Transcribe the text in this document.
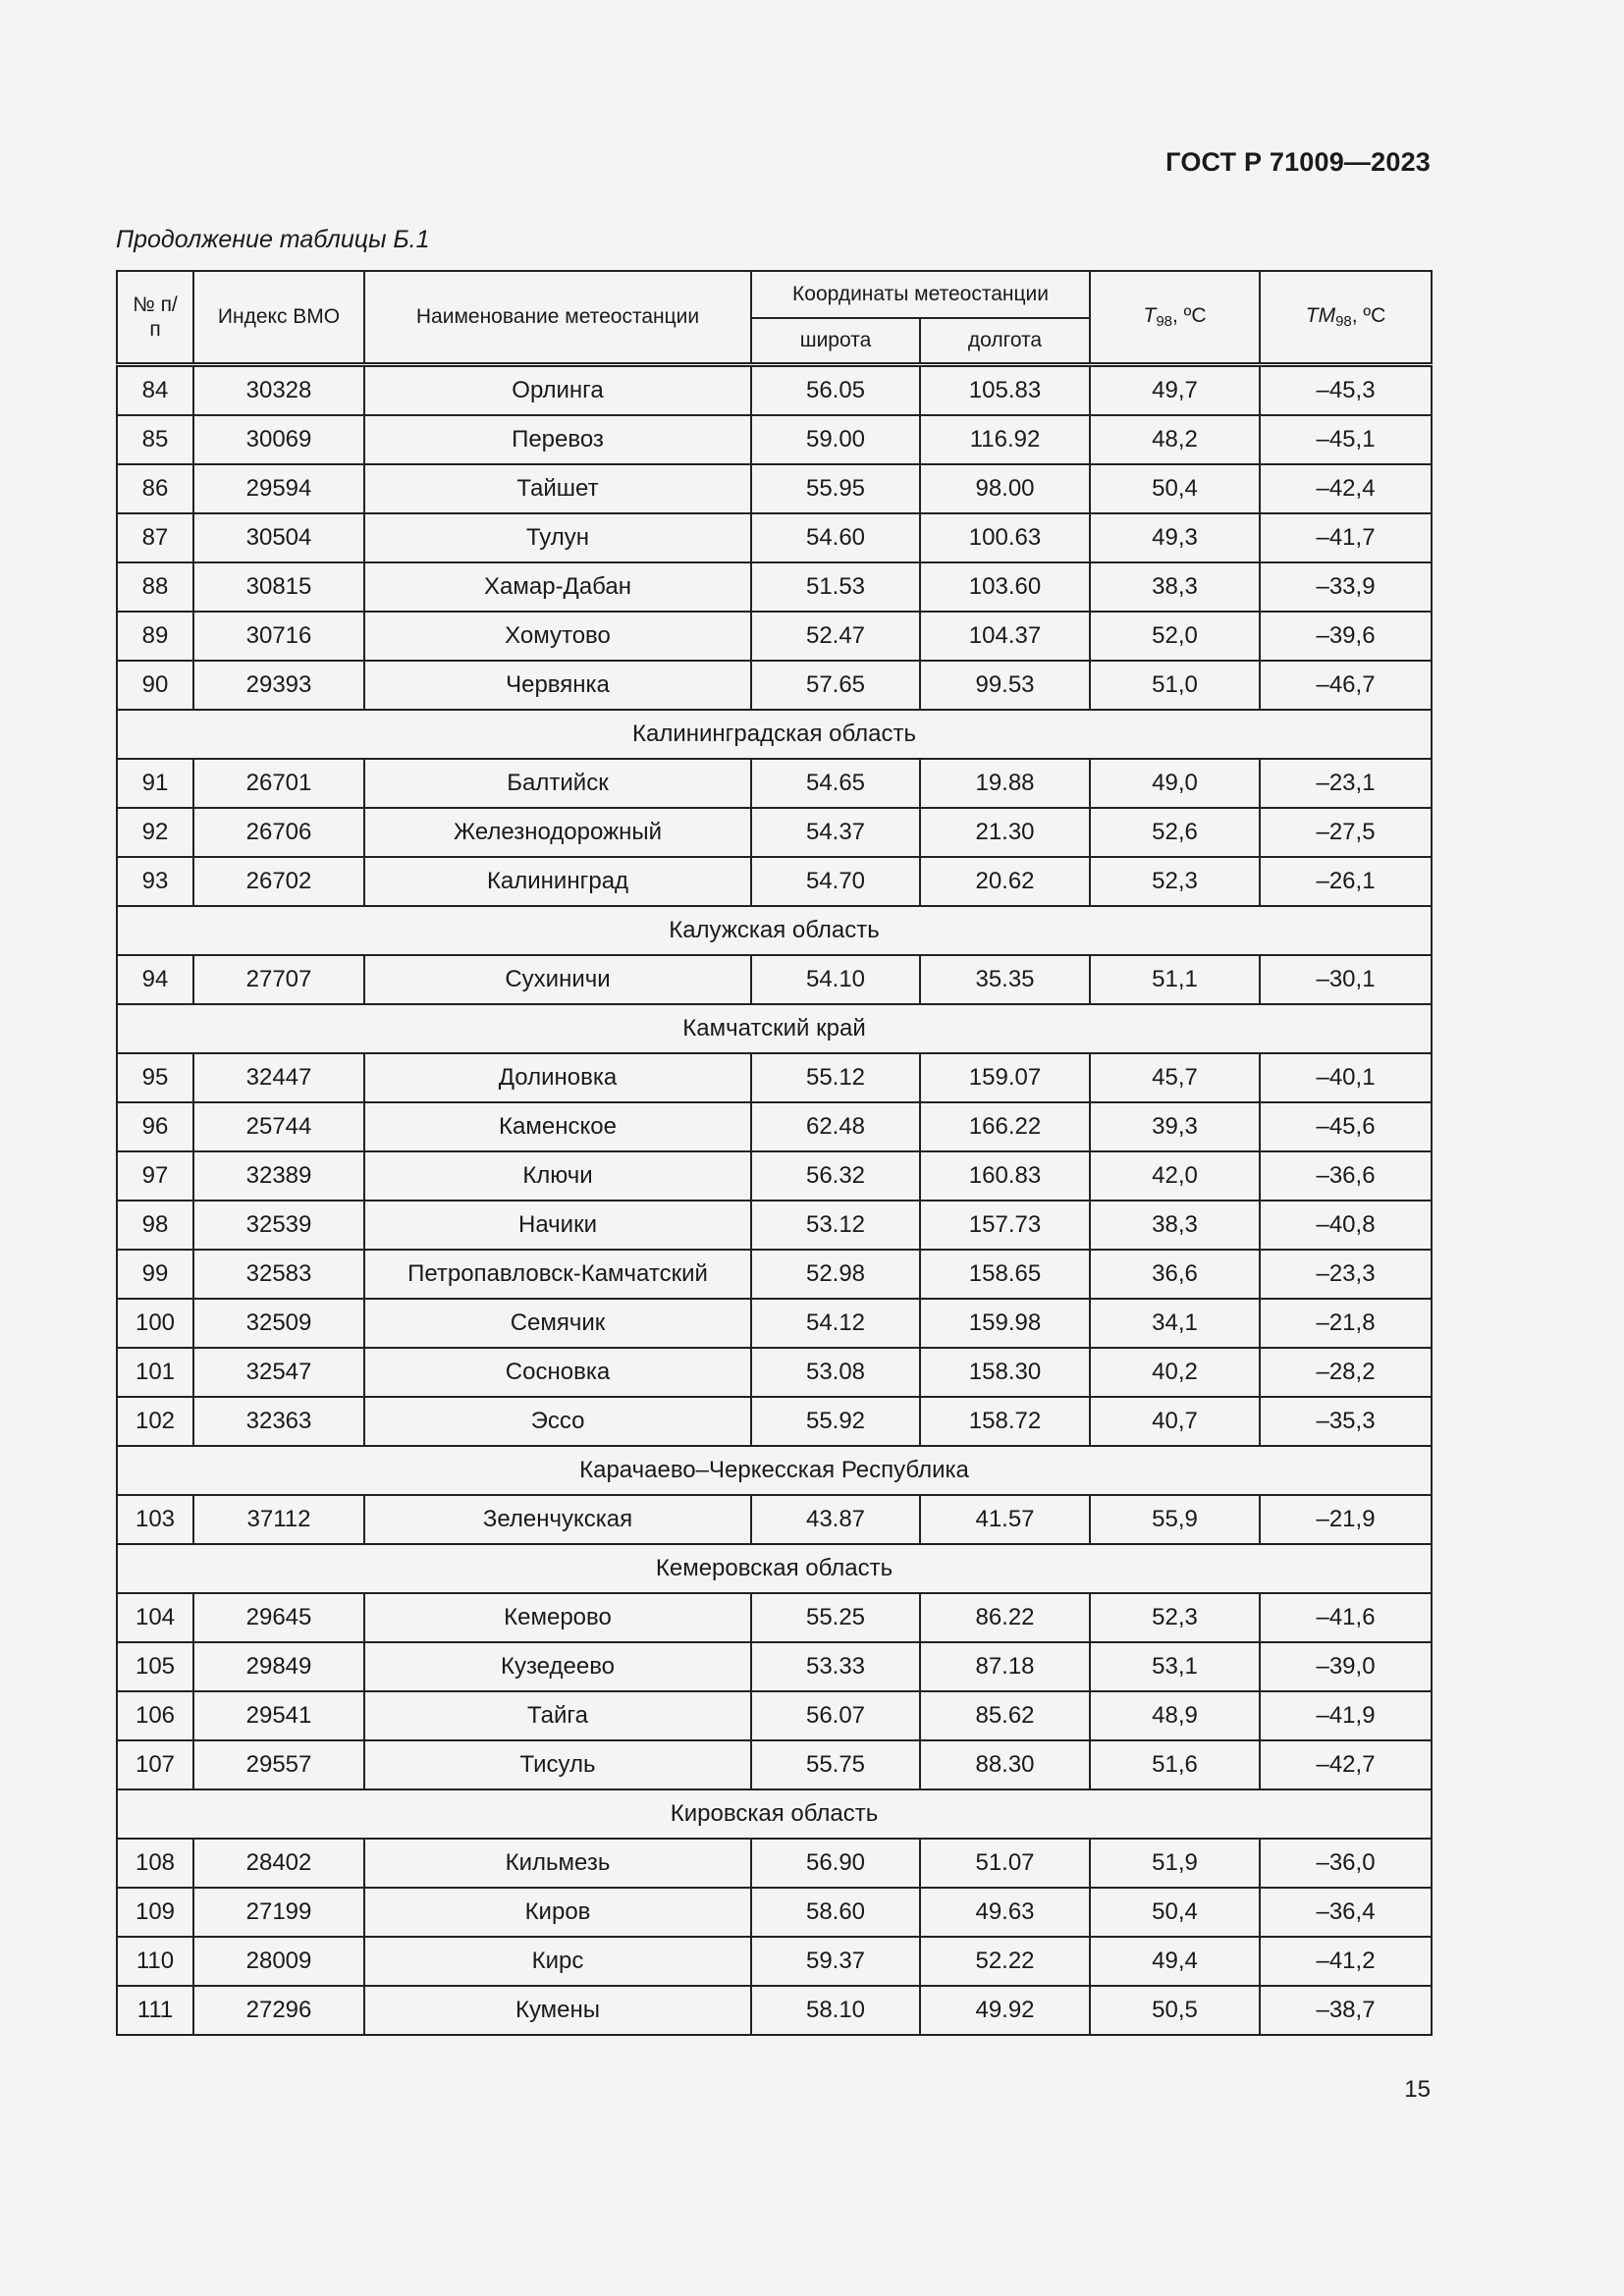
ГОСТ Р 71009—2023
Продолжение таблицы Б.1
№ п/п	Индекс ВМО	Наименование метеостанции	Координаты метеостанции		$T_{98}$, ºC	$TM_{98}$, ºC
			широта	долгота		
84	30328	Орлинга	56.05	105.83	49,7	–45,3
85	30069	Перевоз	59.00	116.92	48,2	–45,1
86	29594	Тайшет	55.95	98.00	50,4	–42,4
87	30504	Тулун	54.60	100.63	49,3	–41,7
88	30815	Хамар-Дабан	51.53	103.60	38,3	–33,9
89	30716	Хомутово	52.47	104.37	52,0	–39,6
90	29393	Червянка	57.65	99.53	51,0	–46,7
Калининградская область						
91	26701	Балтийск	54.65	19.88	49,0	–23,1
92	26706	Железнодорожный	54.37	21.30	52,6	–27,5
93	26702	Калининград	54.70	20.62	52,3	–26,1
Калужская область						
94	27707	Сухиничи	54.10	35.35	51,1	–30,1
Камчатский край						
95	32447	Долиновка	55.12	159.07	45,7	–40,1
96	25744	Каменское	62.48	166.22	39,3	–45,6
97	32389	Ключи	56.32	160.83	42,0	–36,6
98	32539	Начики	53.12	157.73	38,3	–40,8
99	32583	Петропавловск-Камчатский	52.98	158.65	36,6	–23,3
100	32509	Семячик	54.12	159.98	34,1	–21,8
101	32547	Сосновка	53.08	158.30	40,2	–28,2
102	32363	Эссо	55.92	158.72	40,7	–35,3
Карачаево–Черкесская Республика						
103	37112	Зеленчукская	43.87	41.57	55,9	–21,9
Кемеровская область						
104	29645	Кемерово	55.25	86.22	52,3	–41,6
105	29849	Кузедеево	53.33	87.18	53,1	–39,0
106	29541	Тайга	56.07	85.62	48,9	–41,9
107	29557	Тисуль	55.75	88.30	51,6	–42,7
Кировская область						
108	28402	Кильмезь	56.90	51.07	51,9	–36,0
109	27199	Киров	58.60	49.63	50,4	–36,4
110	28009	Кирс	59.37	52.22	49,4	–41,2
111	27296	Кумены	58.10	49.92	50,5	–38,7
15
